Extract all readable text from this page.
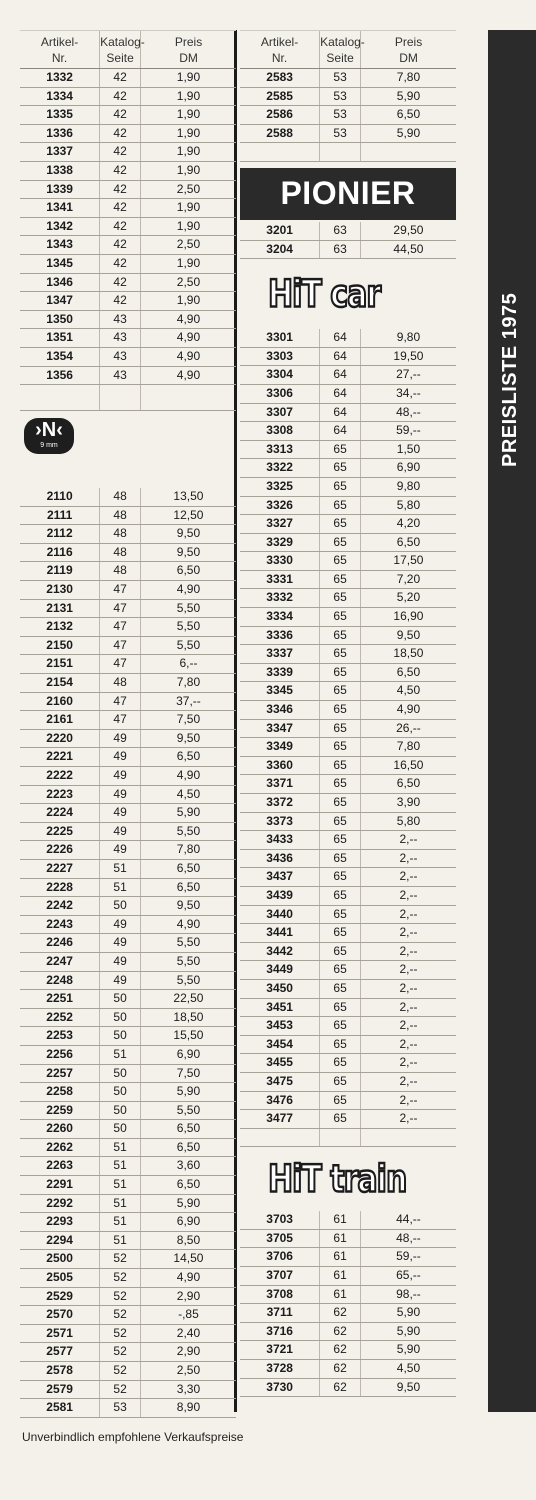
Artikel-
Nr.
Katalog-
Seite
Preis
DM
1332	42	1,90
1334	42	1,90
1335	42	1,90
1336	42	1,90
1337	42	1,90
1338	42	1,90
1339	42	2,50
1341	42	1,90
1342	42	1,90
1343	42	2,50
1345	42	1,90
1346	42	2,50
1347	42	1,90
1350	43	4,90
1351	43	4,90
1354	43	4,90
1356	43	4,90
2110	48	13,50
2111	48	12,50
2112	48	9,50
2116	48	9,50
2119	48	6,50
2130	47	4,90
2131	47	5,50
2132	47	5,50
2150	47	5,50
2151	47	6,--
2154	48	7,80
2160	47	37,--
2161	47	7,50
2220	49	9,50
2221	49	6,50
2222	49	4,90
2223	49	4,50
2224	49	5,90
2225	49	5,50
2226	49	7,80
2227	51	6,50
2228	51	6,50
2242	50	9,50
2243	49	4,90
2246	49	5,50
2247	49	5,50
2248	49	5,50
2251	50	22,50
2252	50	18,50
2253	50	15,50
2256	51	6,90
2257	50	7,50
2258	50	5,90
2259	50	5,50
2260	50	6,50
2262	51	6,50
2263	51	3,60
2291	51	6,50
2292	51	5,90
2293	51	6,90
2294	51	8,50
2500	52	14,50
2505	52	4,90
2529	52	2,90
2570	52	-,85
2571	52	2,40
2577	52	2,90
2578	52	2,50
2579	52	3,30
2581	53	8,90
›N‹
9 mm
Artikel-
Nr.
Katalog-
Seite
Preis
DM
2583	53	7,80
2585	53	5,90
2586	53	6,50
2588	53	5,90
PIONIER
3201	63	29,50
3204	63	44,50
HiT car
3301	64	9,80
3303	64	19,50
3304	64	27,--
3306	64	34,--
3307	64	48,--
3308	64	59,--
3313	65	1,50
3322	65	6,90
3325	65	9,80
3326	65	5,80
3327	65	4,20
3329	65	6,50
3330	65	17,50
3331	65	7,20
3332	65	5,20
3334	65	16,90
3336	65	9,50
3337	65	18,50
3339	65	6,50
3345	65	4,50
3346	65	4,90
3347	65	26,--
3349	65	7,80
3360	65	16,50
3371	65	6,50
3372	65	3,90
3373	65	5,80
3433	65	2,--
3436	65	2,--
3437	65	2,--
3439	65	2,--
3440	65	2,--
3441	65	2,--
3442	65	2,--
3449	65	2,--
3450	65	2,--
3451	65	2,--
3453	65	2,--
3454	65	2,--
3455	65	2,--
3475	65	2,--
3476	65	2,--
3477	65	2,--
HiT train
3703	61	44,--
3705	61	48,--
3706	61	59,--
3707	61	65,--
3708	61	98,--
3711	62	5,90
3716	62	5,90
3721	62	5,90
3728	62	4,50
3730	62	9,50
PREISLISTE 1975
Unverbindlich empfohlene Verkaufspreise
